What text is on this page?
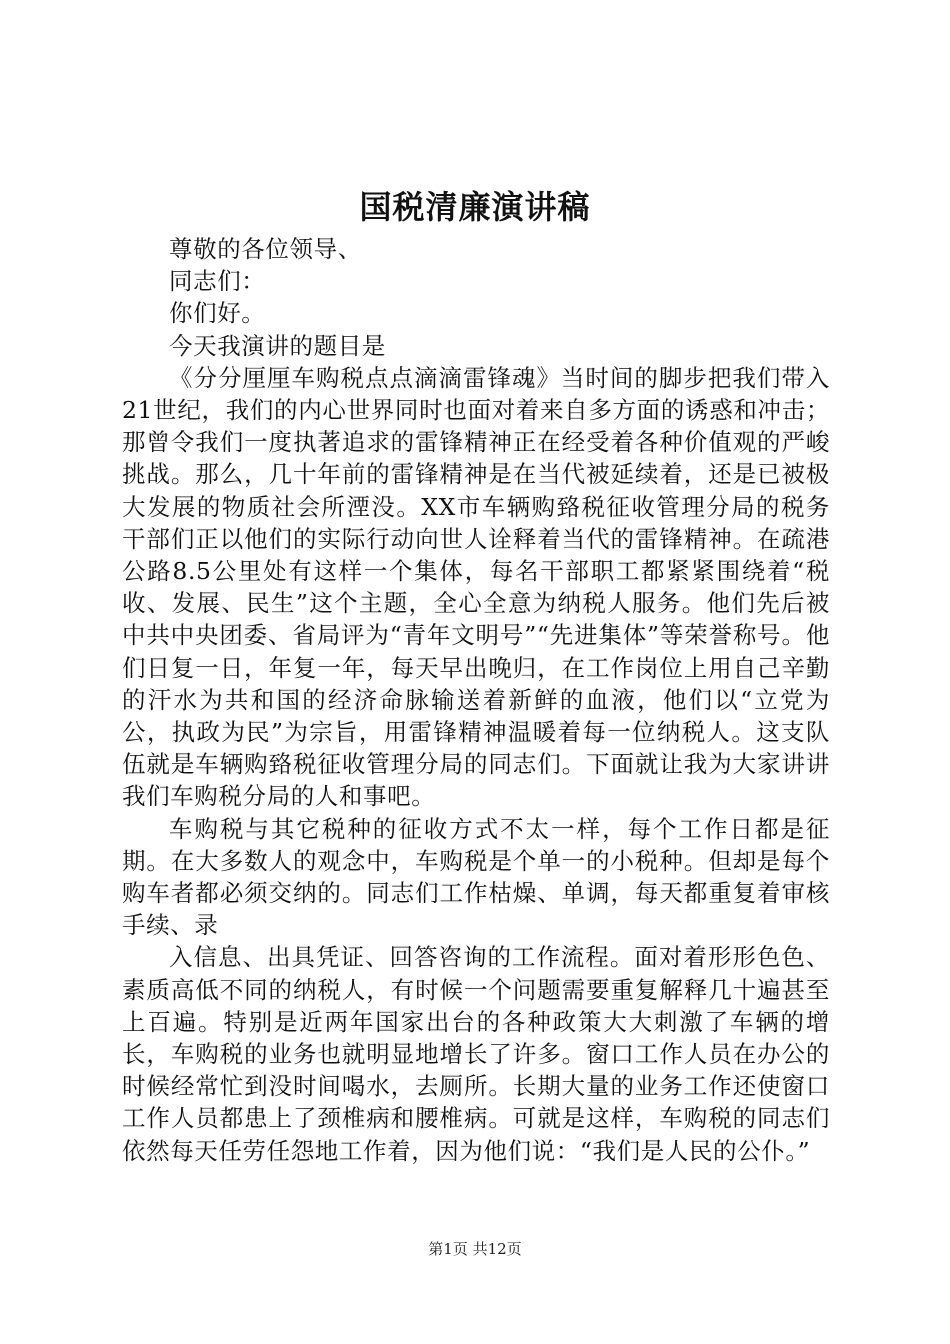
国税清廉演讲稿

尊敬的各位领导、

同志们：

你们好。

今天我演讲的题目是

《分分厘厘车购税点点滴滴雷锋魂》当时间的脚步把我们带入21世纪，我们的内心世界同时也面对着来自多方面的诱惑和冲击；那曾令我们一度执著追求的雷锋精神正在经受着各种价值观的严峻挑战。那么，几十年前的雷锋精神是在当代被延续着，还是已被极大发展的物质社会所湮没。XX市车辆购臵税征收管理分局的税务干部们正以他们的实际行动向世人诠释着当代的雷锋精神。在疏港公路8.5公里处有这样一个集体，每名干部职工都紧紧围绕着“税收、发展、民生”这个主题，全心全意为纳税人服务。他们先后被中共中央团委、省局评为“青年文明号”“先进集体”等荣誉称号。他们日复一日，年复一年，每天早出晚归，在工作岗位上用自己辛勤的汗水为共和国的经济命脉输送着新鲜的血液，他们以“立党为公，执政为民”为宗旨，用雷锋精神温暖着每一位纳税人。这支队伍就是车辆购臵税征收管理分局的同志们。下面就让我为大家讲讲我们车购税分局的人和事吧。

车购税与其它税种的征收方式不太一样，每个工作日都是征期。在大多数人的观念中，车购税是个单一的小税种。但却是每个购车者都必须交纳的。同志们工作枯燥、单调，每天都重复着审核手续、录

入信息、出具凭证、回答咨询的工作流程。面对着形形色色、素质高低不同的纳税人，有时候一个问题需要重复解释几十遍甚至上百遍。特别是近两年国家出台的各种政策大大刺激了车辆的增长，车购税的业务也就明显地增长了许多。窗口工作人员在办公的时候经常忙到没时间喝水，去厕所。长期大量的业务工作还使窗口工作人员都患上了颈椎病和腰椎病。可就是这样，车购税的同志们依然每天任劳任怨地工作着，因为他们说：“我们是人民的公仆。”

第1页 共12页
